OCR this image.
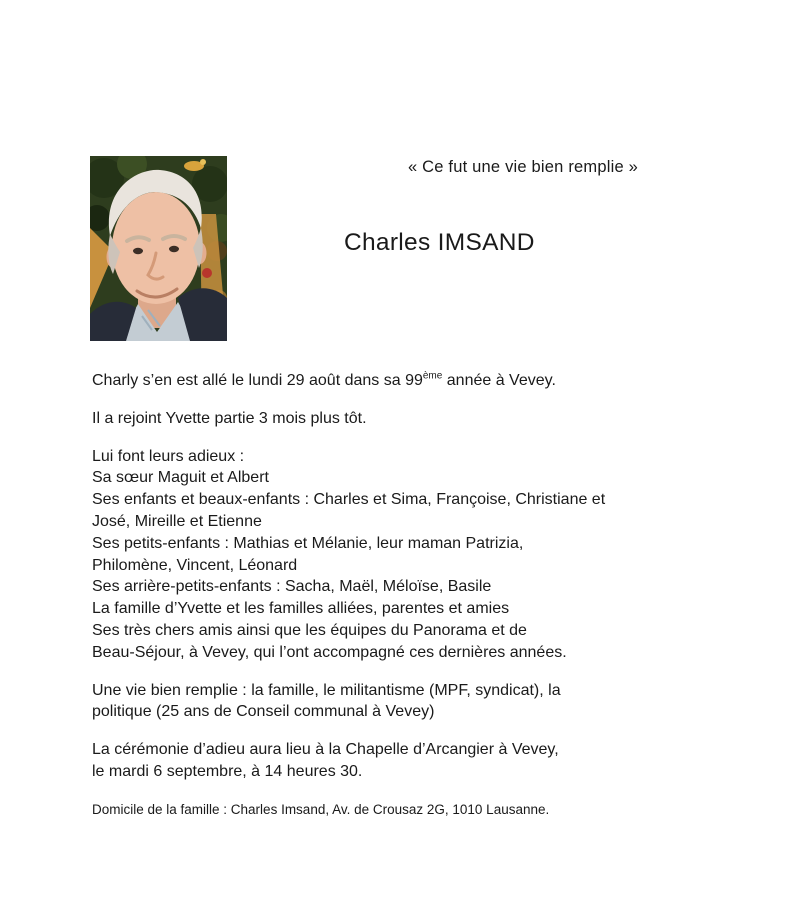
« Ce fut une vie bien remplie »
Charles IMSAND

Charly s’en est allé le lundi 29 août dans sa 99ème année à Vevey.

Il a rejoint Yvette partie 3 mois plus tôt.

Lui font leurs adieux :
Sa sœur Maguit et Albert
Ses enfants et beaux-enfants : Charles et Sima, Françoise, Christiane et
José, Mireille et Etienne
Ses petits-enfants : Mathias et Mélanie, leur maman Patrizia,
Philomène, Vincent, Léonard
Ses arrière-petits-enfants : Sacha, Maël, Méloïse, Basile
La famille d’Yvette et les familles alliées, parentes et amies
Ses très chers amis ainsi que les équipes du Panorama et de
Beau-Séjour, à Vevey, qui l’ont accompagné ces dernières années.

Une vie bien remplie : la famille, le militantisme (MPF, syndicat), la
politique (25 ans de Conseil communal à Vevey)

La cérémonie d’adieu aura lieu à la Chapelle d’Arcangier à Vevey,
le mardi 6 septembre, à 14 heures 30.

Domicile de la famille : Charles Imsand, Av. de Crousaz 2G, 1010 Lausanne.
